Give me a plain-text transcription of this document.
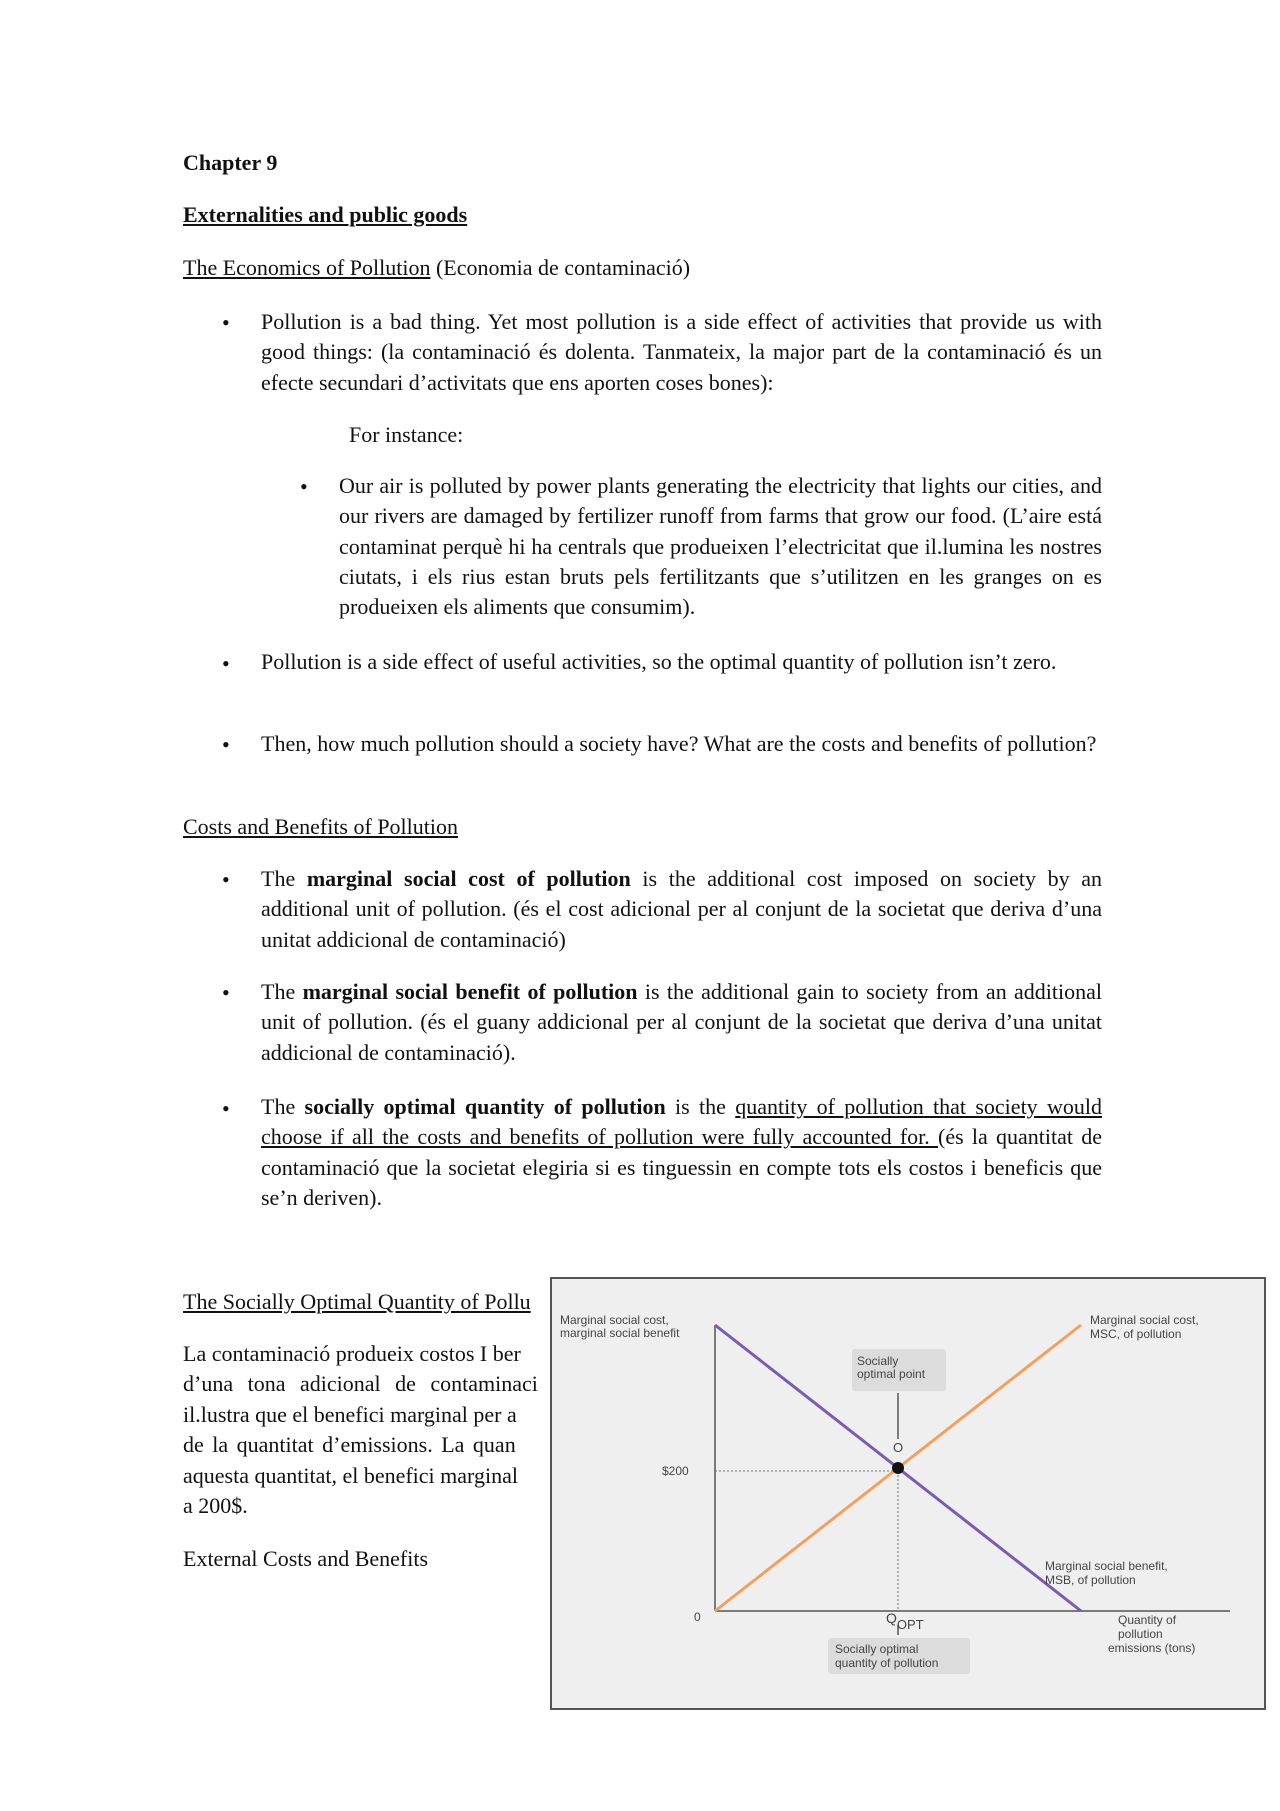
Chapter 9

Externalities and public goods

The Economics of Pollution (Economia de contaminació)

• Pollution is a bad thing. Yet most pollution is a side effect of activities that provide us with good things: (la contaminació és dolenta. Tanmateix, la major part de la contaminació és un efecte secundari d’activitats que ens aporten coses bones):

For instance:

• Our air is polluted by power plants generating the electricity that lights our cities, and our rivers are damaged by fertilizer runoff from farms that grow our food. (L’aire está contaminat perquè hi ha centrals que produeixen l’electricitat que il.lumina les nostres ciutats, i els rius estan bruts pels fertilitzants que s’utilitzen en les granges on es produeixen els aliments que consumim).

• Pollution is a side effect of useful activities, so the optimal quantity of pollution isn’t zero.

• Then, how much pollution should a society have? What are the costs and benefits of pollution?

Costs and Benefits of Pollution

• The marginal social cost of pollution is the additional cost imposed on society by an additional unit of pollution. (és el cost adicional per al conjunt de la societat que deriva d’una unitat addicional de contaminació)

• The marginal social benefit of pollution is the additional gain to society from an additional unit of pollution. (és el guany addicional per al conjunt de la societat que deriva d’una unitat addicional de contaminació).

• The socially optimal quantity of pollution is the quantity of pollution that society would choose if all the costs and benefits of pollution were fully accounted for. (és la quantitat de contaminació que la societat elegiria si es tinguessin en compte tots els costos i beneficis que se’n deriven).

The Socially Optimal Quantity of Pollu

La contaminació produeix costos I ber

d’una tona adicional de contaminaci

il.lustra que el benefici marginal per a

de la quantitat d’emissions. La quan

aquesta quantitat, el benefici marginal

a 200$.

External Costs and Benefits

Marginal social cost,
marginal social benefit
Marginal social cost,
MSC, of pollution
Socially
optimal point
O
$200
Marginal social benefit,
MSB, of pollution
0	QOPT	Quantity of
pollution
emissions (tons)
Socially optimal
quantity of pollution
